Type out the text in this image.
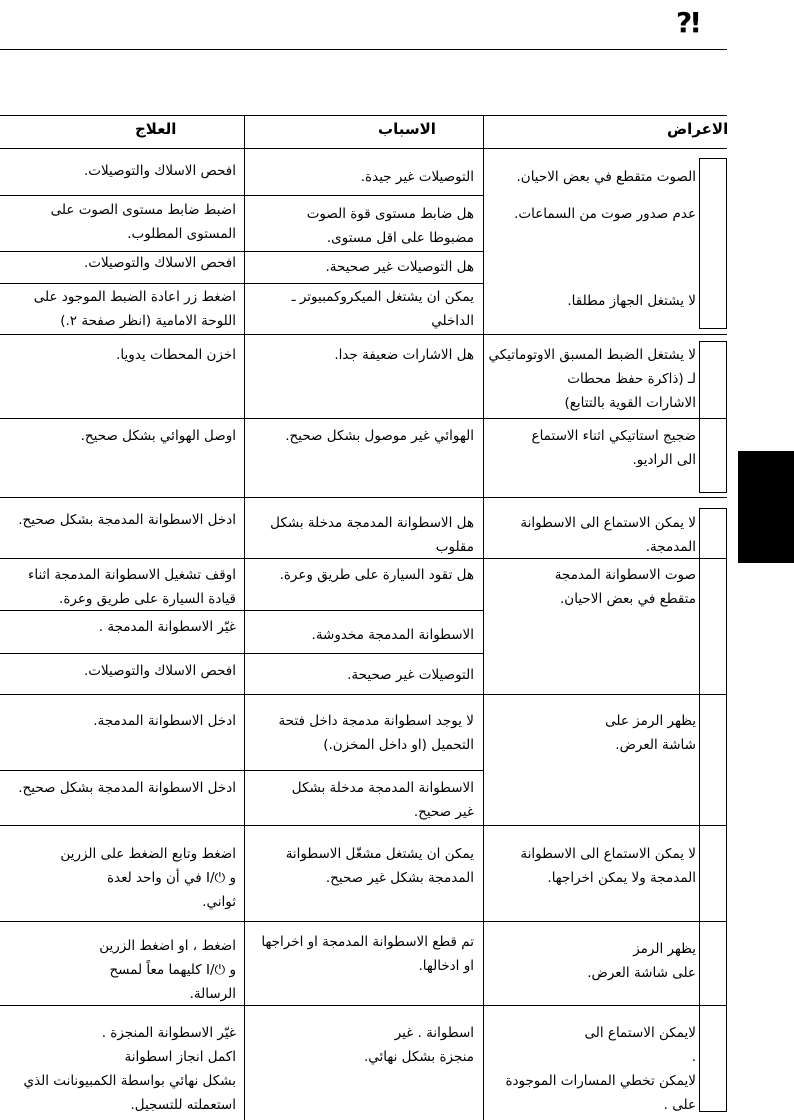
?!
العلاج	الاسباب	الاعراض
الصوت متقطع في بعض الاحيان.
التوصيلات غير جيدة.
افحص الاسلاك والتوصيلات.
عدم صدور صوت من السماعات.
هل ضابط مستوى قوة الصوت
مضبوطا على اقل مستوى.
اضبط ضابط مستوى الصوت على
المستوى المطلوب.
هل التوصيلات غير صحيحة.
افحص الاسلاك والتوصيلات.
لا يشتغل الجهاز مطلقا.
يمكن ان يشتغل الميكروكمبيوتر ـ
الداخلي
اضغط زر اعادة الضبط الموجود على
اللوحة الامامية (انظر صفحة ٢.)
لا يشتغل الضبط المسبق الاوتوماتيكي
لـ (ذاكرة حفظ محطات
الاشارات القوية بالتتابع)
هل الاشارات ضعيفة جدا.
اخزن المحطات يدويا.
ضجيج استاتيكي اثناء الاستماع
الى الراديو.
الهوائي غير موصول بشكل صحيح.
اوصل الهوائي بشكل صحيح.
لا يمكن الاستماع الى الاسطوانة
المدمجة.
هل الاسطوانة المدمجة مدخلة بشكل
مقلوب
ادخل الاسطوانة المدمجة بشكل صحيح.
صوت الاسطوانة المدمجة
متقطع في بعض الاحيان.
هل تقود السيارة على طريق وعرة.
اوقف تشغيل الاسطوانة المدمجة اثناء
قيادة السيارة على طريق وعرة.
الاسطوانة المدمجة مخدوشة.
غيّر الاسطوانة المدمجة .
التوصيلات غير صحيحة.
افحص الاسلاك والتوصيلات.
يظهر الرمز على
شاشة العرض.
لا يوجد اسطوانة مدمجة داخل فتحة
التحميل (او داخل المخزن.)
ادخل الاسطوانة المدمجة.
الاسطوانة المدمجة مدخلة بشكل
غير صحيح.
ادخل الاسطوانة المدمجة بشكل صحيح.
لا يمكن الاستماع الى الاسطوانة
المدمجة ولا يمكن اخراجها.
يمكن ان يشتغل مشغّل الاسطوانة
المدمجة بشكل غير صحيح.
اضغط وتابع الضغط على الزرين
و ⏻/I في أن واحد لعدة
ثواني.
يظهر الرمز
على شاشة العرض.
تم قطع الاسطوانة المدمجة او اخراجها
او ادخالها.
اضغط ، او اضغط الزرين
و ⏻/I كليهما معاً لمسح
الرسالة.
لايمكن الاستماع الى
.
لايمكن تخطي المسارات الموجودة
على .
اسطوانة . غير
منجزة بشكل نهائي.
غيّر الاسطوانة المنجزة .
اكمل انجاز اسطوانة
بشكل نهائي بواسطة الكمبيونانت الذي
استعملته للتسجيل.
